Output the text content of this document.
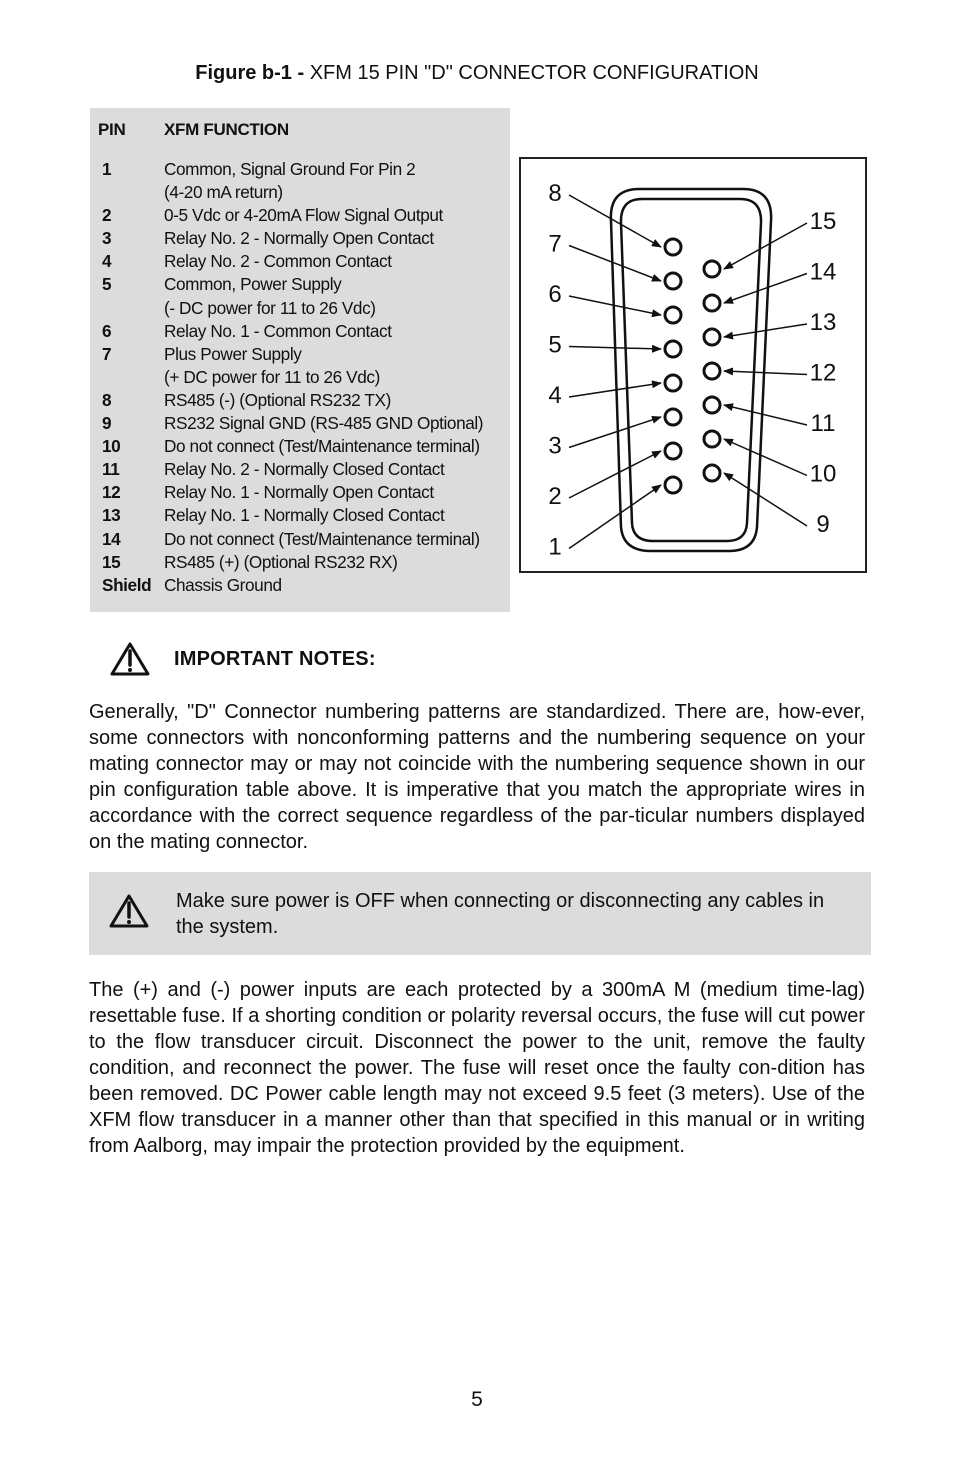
Figure b-1 - XFM 15 PIN "D" CONNECTOR CONFIGURATION
PIN	XFM FUNCTION

1	Common, Signal Ground For Pin 2
(4-20 mA return)

2	0-5 Vdc or 4-20mA Flow Signal Output

3	Relay No. 2 - Normally Open Contact

4	Relay No. 2 - Common Contact

5	Common, Power Supply
(- DC power for 11 to 26 Vdc)

6	Relay No. 1 - Common Contact

7	Plus Power Supply
(+ DC power for 11 to 26 Vdc)

8	RS485 (-) (Optional RS232 TX)

9	RS232 Signal GND (RS-485 GND Optional)

10	Do not connect (Test/Maintenance terminal)

11	Relay No. 2 - Normally Closed Contact

12	Relay No. 1 - Normally Open Contact

13	Relay No. 1 - Normally Closed Contact

14	Do not connect (Test/Maintenance terminal)

15	RS485 (+) (Optional RS232 RX)

Shield	Chassis Ground
8
7
6
5
4
3
2
1
15
14
13
12
11
10
9
IMPORTANT NOTES:

Generally, "D" Connector numbering patterns are standardized. There are, how-ever, some connectors with nonconforming patterns and the numbering sequence on your mating connector may or may not coincide with the numbering sequence shown in our pin configuration table above. It is imperative that you match the appropriate wires in accordance with the correct sequence regardless of the par-ticular numbers displayed on the mating connector.

Make sure power is OFF when connecting or disconnecting any cables in the system.

The (+) and (-) power inputs are each protected by a 300mA M (medium time-lag) resettable fuse. If a shorting condition or polarity reversal occurs, the fuse will cut power to the flow transducer circuit. Disconnect the power to the unit, remove the faulty condition, and reconnect the power. The fuse will reset once the faulty con-dition has been removed. DC Power cable length may not exceed 9.5 feet (3 meters). Use of the XFM flow transducer in a manner other than that specified in this manual or in writing from Aalborg, may impair the protection provided by the equipment.

5
